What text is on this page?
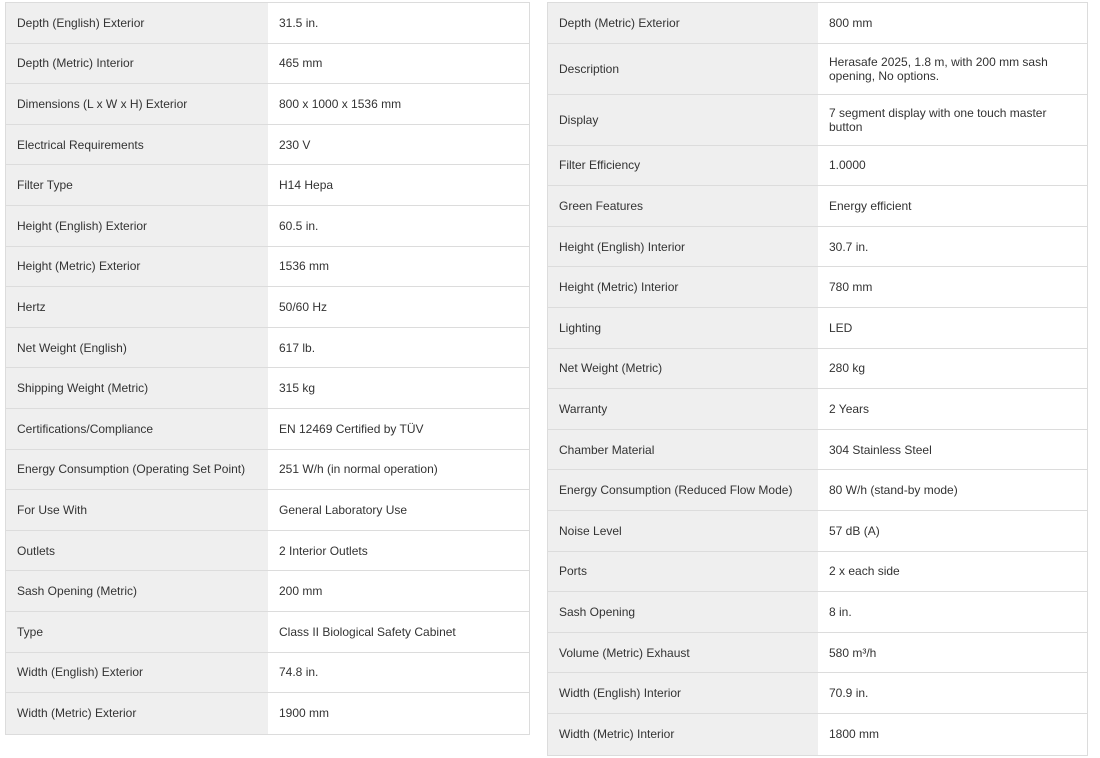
Depth (English) Exterior	31.5 in.
Depth (Metric) Interior	465 mm
Dimensions (L x W x H) Exterior	800 x 1000 x 1536 mm
Electrical Requirements	230 V
Filter Type	H14 Hepa
Height (English) Exterior	60.5 in.
Height (Metric) Exterior	1536 mm
Hertz	50/60 Hz
Net Weight (English)	617 lb.
Shipping Weight (Metric)	315 kg
Certifications/Compliance	EN 12469 Certified by TÜV
Energy Consumption (Operating Set Point)	251 W/h (in normal operation)
For Use With	General Laboratory Use
Outlets	2 Interior Outlets
Sash Opening (Metric)	200 mm
Type	Class II Biological Safety Cabinet
Width (English) Exterior	74.8 in.
Width (Metric) Exterior	1900 mm
Depth (Metric) Exterior	800 mm
Description	Herasafe 2025, 1.8 m, with 200 mm sash opening, No options.
Display	7 segment display with one touch master button
Filter Efficiency	1.0000
Green Features	Energy efficient
Height (English) Interior	30.7 in.
Height (Metric) Interior	780 mm
Lighting	LED
Net Weight (Metric)	280 kg
Warranty	2 Years
Chamber Material	304 Stainless Steel
Energy Consumption (Reduced Flow Mode)	80 W/h (stand-by mode)
Noise Level	57 dB (A)
Ports	2 x each side
Sash Opening	8 in.
Volume (Metric) Exhaust	580 m³/h
Width (English) Interior	70.9 in.
Width (Metric) Interior	1800 mm
